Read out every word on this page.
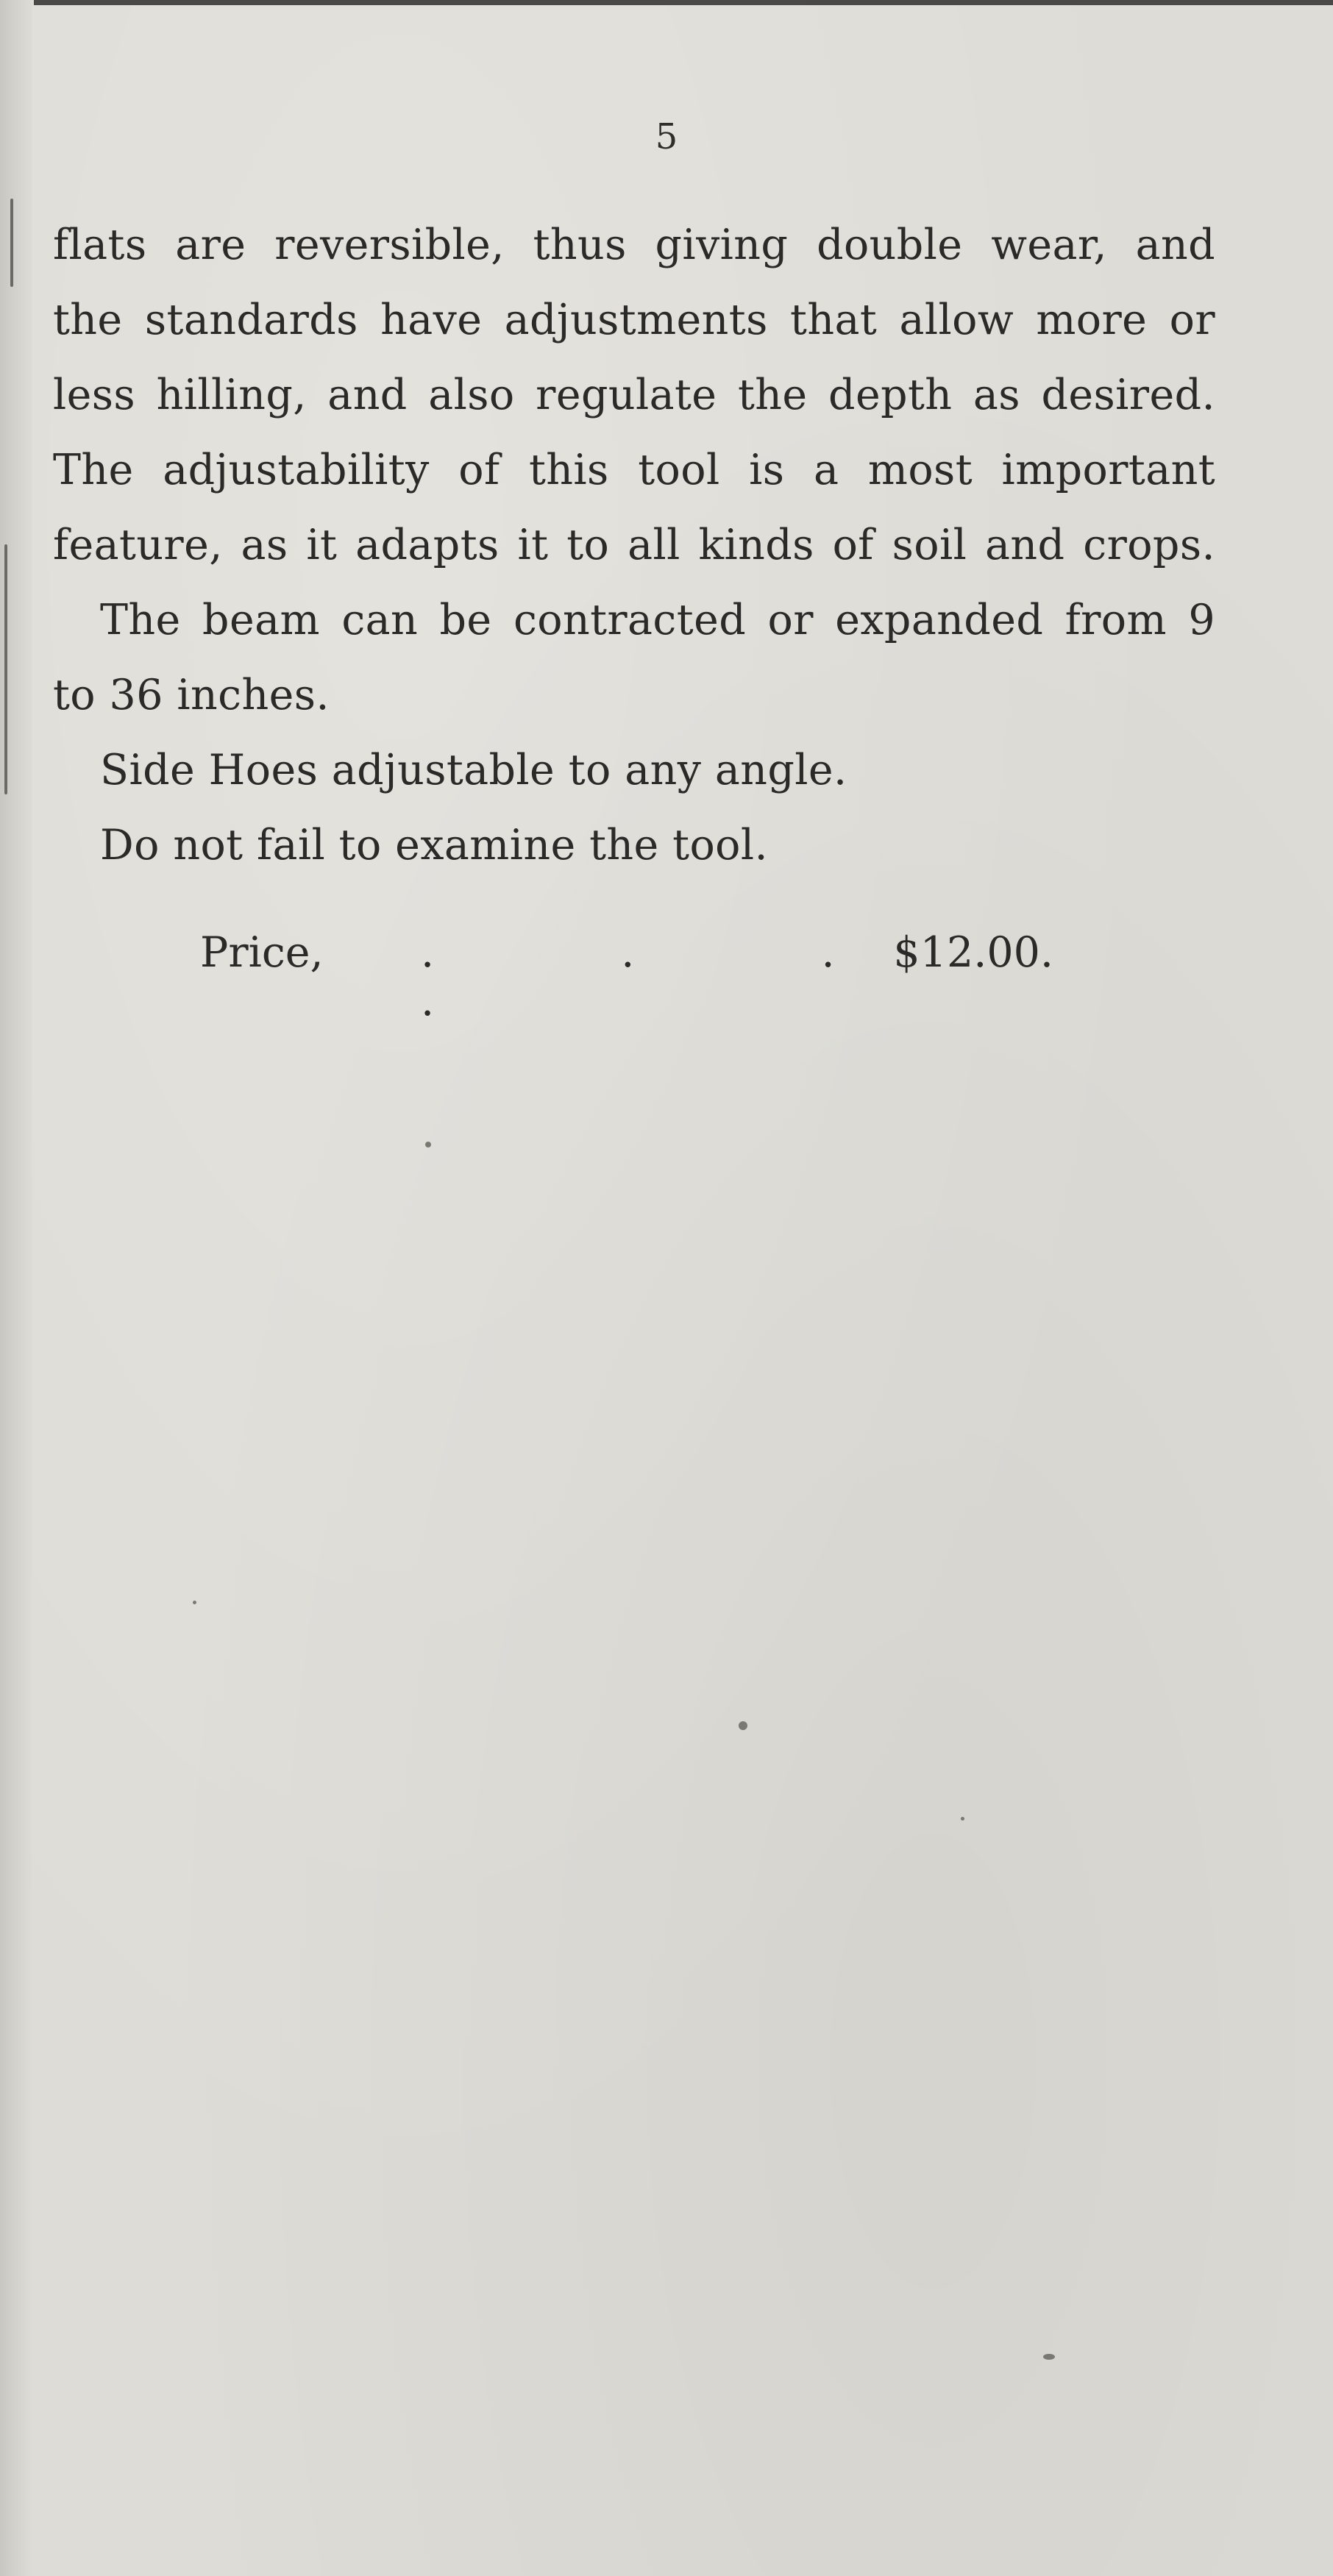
5
flats are reversible, thus giving double wear, and
the standards have adjustments that allow more or
less hilling, and also regulate the depth as desired.
The adjustability of this tool is a most important
feature, as it adapts it to all kinds of soil and crops.
The beam can be contracted or expanded from 9
to 36 inches.
Side Hoes adjustable to any angle.
Do not fail to examine the tool.
Price, . . . .
$12.00.
